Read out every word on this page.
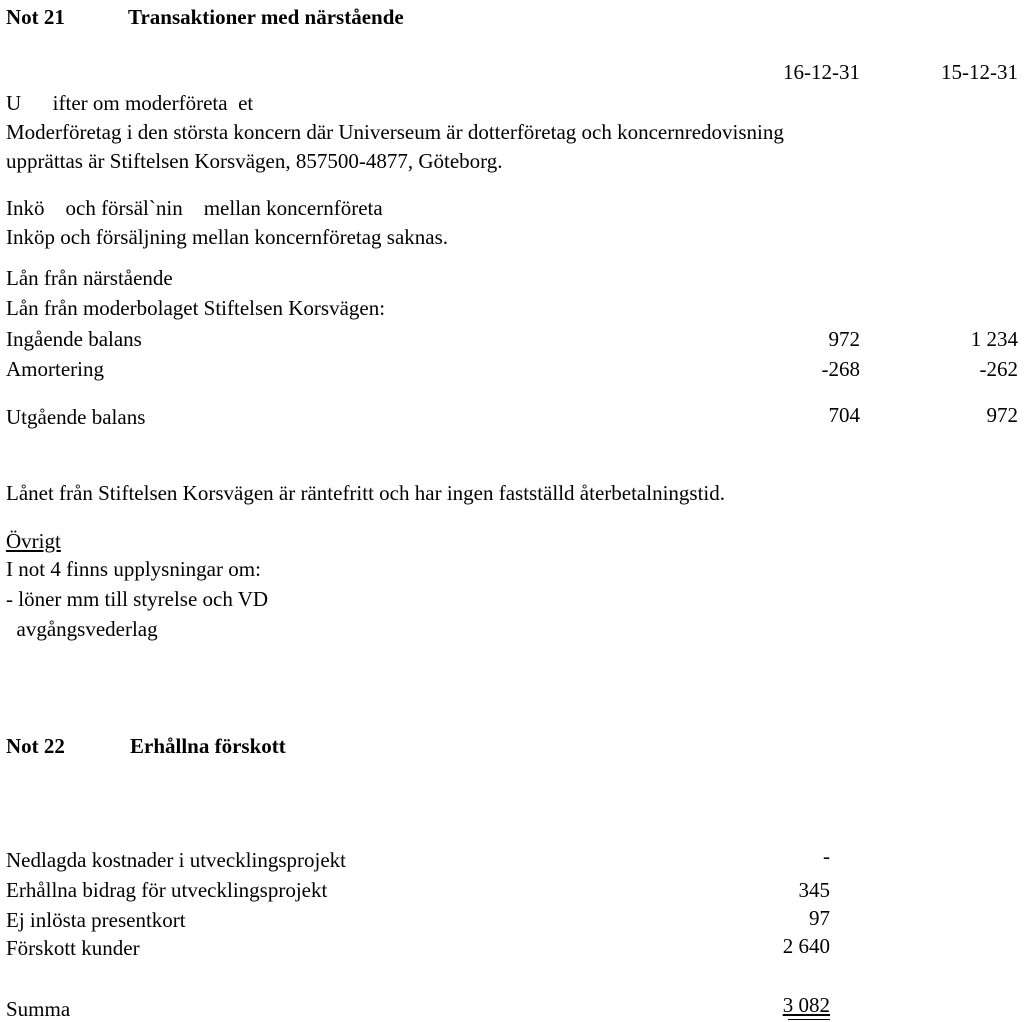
Not 21	Transaktioner med närstående
16-12-31	15-12-31
U      ifter om moderföreta  et
Moderföretag i den största koncern där Universeum är dotterföretag och koncernredovisning
upprättas är Stiftelsen Korsvägen, 857500-4877, Göteborg.
Inkö    och försäl`nin    mellan koncernföreta
Inköp och försäljning mellan koncernföretag saknas.
Lån från närstående
Lån från moderbolaget Stiftelsen Korsvägen:
Ingående balans	972	1 234
Amortering	-268	-262
Utgående balans	704	972
Lånet från Stiftelsen Korsvägen är räntefritt och har ingen fastställd återbetalningstid.
Övrigt
I not 4 finns upplysningar om:
- löner mm till styrelse och VD
avgångsvederlag
Not 22	Erhållna förskott
Nedlagda kostnader i utvecklingsprojekt	-
Erhållna bidrag för utvecklingsprojekt	345
Ej inlösta presentkort	97
Förskott kunder	2 640
Summa	3 082
